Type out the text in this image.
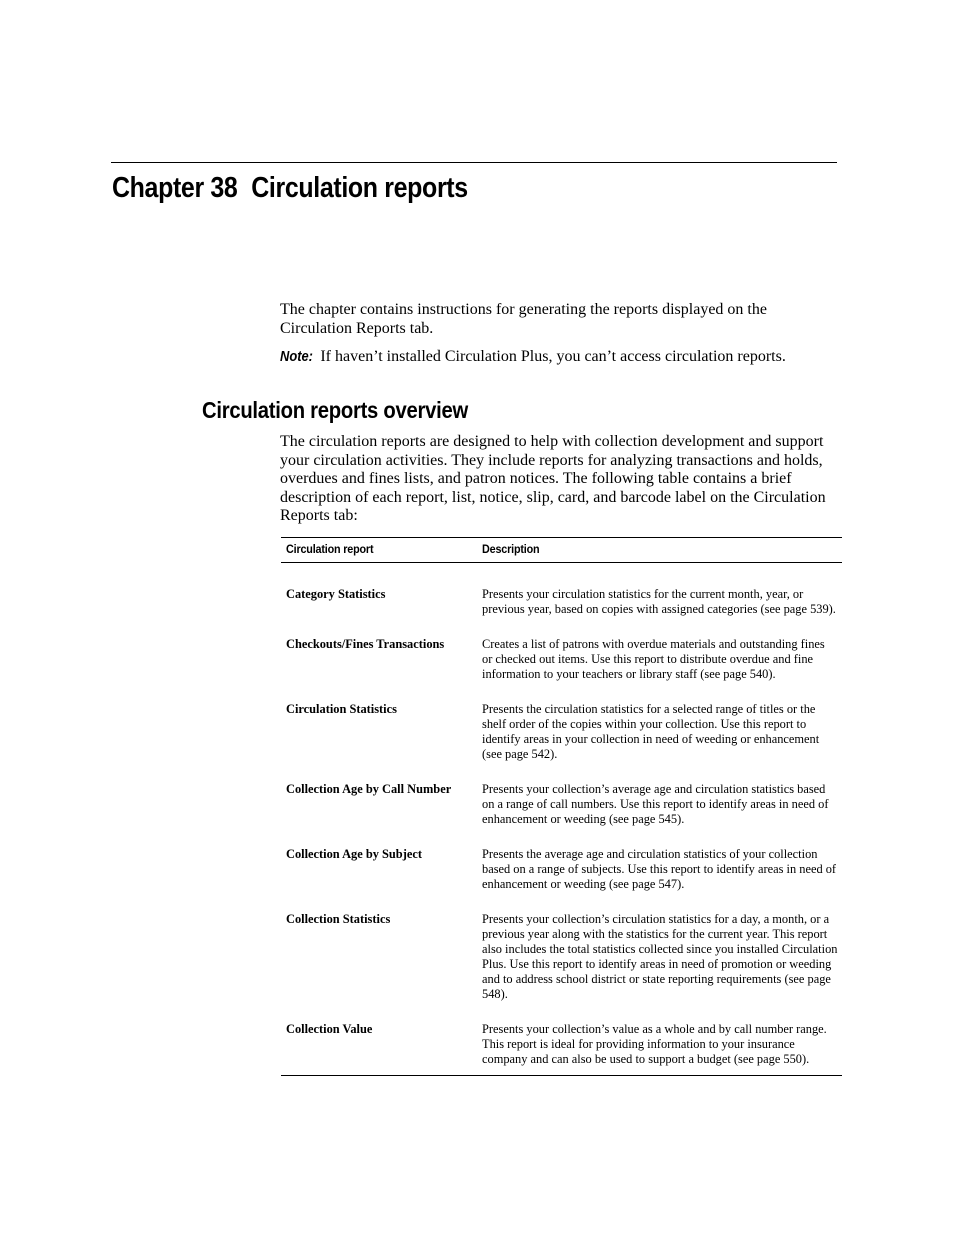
Chapter 38 Circulation reports

The chapter contains instructions for generating the reports displayed on the Circulation Reports tab.

Note: If haven’t installed Circulation Plus, you can’t access circulation reports.

Circulation reports overview

The circulation reports are designed to help with collection development and support your circulation activities. They include reports for analyzing transactions and holds, overdues and fines lists, and patron notices. The following table contains a brief description of each report, list, notice, slip, card, and barcode label on the Circulation Reports tab:

Circulation report	Description
Category Statistics	Presents your circulation statistics for the current month, year, or previous year, based on copies with assigned categories (see page 539).
Checkouts/Fines Transactions	Creates a list of patrons with overdue materials and outstanding fines or checked out items. Use this report to distribute overdue and fine information to your teachers or library staff (see page 540).
Circulation Statistics	Presents the circulation statistics for a selected range of titles or the shelf order of the copies within your collection. Use this report to identify areas in your collection in need of weeding or enhancement (see page 542).
Collection Age by Call Number	Presents your collection’s average age and circulation statistics based on a range of call numbers. Use this report to identify areas in need of enhancement or weeding (see page 545).
Collection Age by Subject	Presents the average age and circulation statistics of your collection based on a range of subjects. Use this report to identify areas in need of enhancement or weeding (see page 547).
Collection Statistics	Presents your collection’s circulation statistics for a day, a month, or a previous year along with the statistics for the current year. This report also includes the total statistics collected since you installed Circulation Plus. Use this report to identify areas in need of promotion or weeding and to address school district or state reporting requirements (see page 548).
Collection Value	Presents your collection’s value as a whole and by call number range. This report is ideal for providing information to your insurance company and can also be used to support a budget (see page 550).
